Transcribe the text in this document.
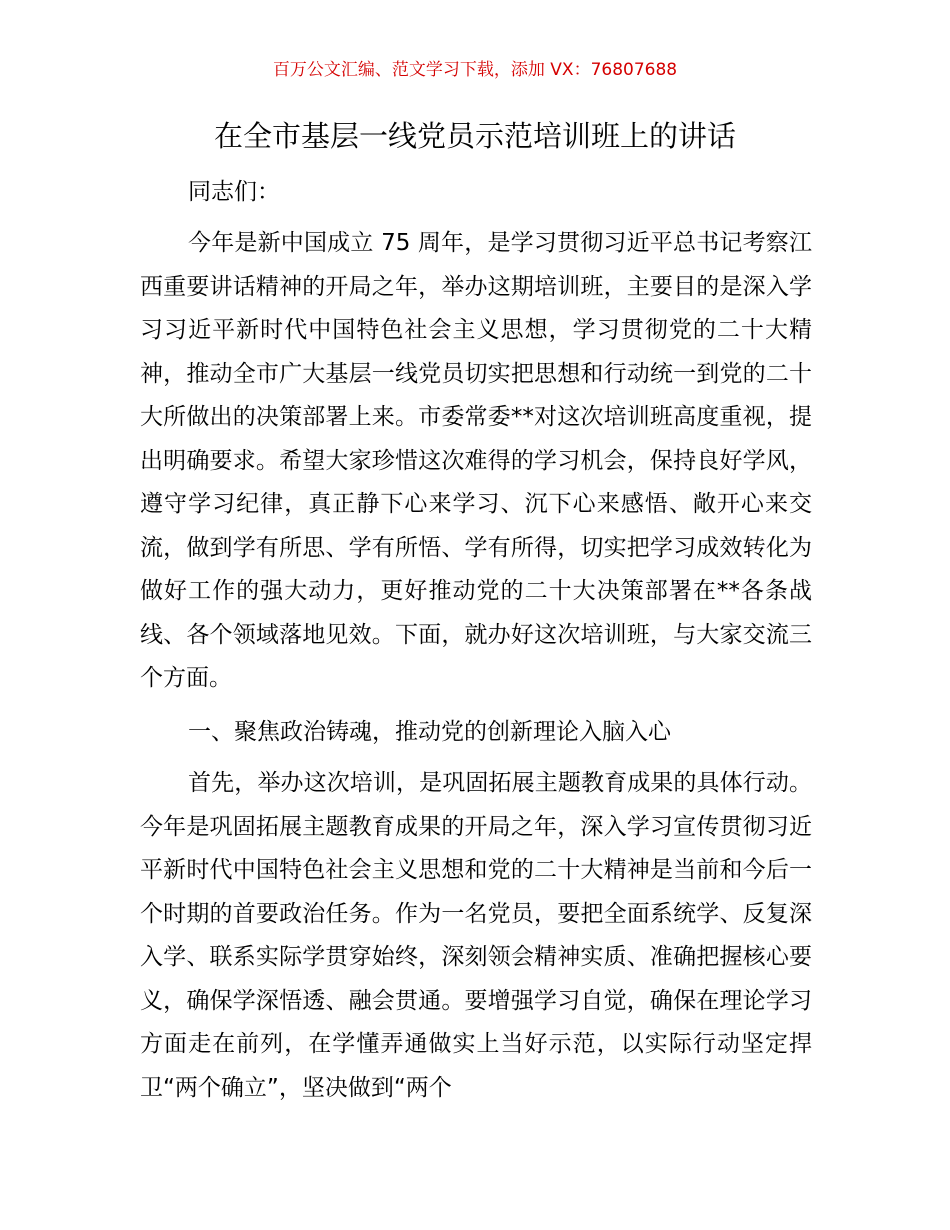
百万公文汇编、范文学习下载，添加 VX：76807688
在全市基层一线党员示范培训班上的讲话
同志们：

今年是新中国成立 75 周年，是学习贯彻习近平总书记考察江西重要讲话精神的开局之年，举办这期培训班，主要目的是深入学习习近平新时代中国特色社会主义思想，学习贯彻党的二十大精神，推动全市广大基层一线党员切实把思想和行动统一到党的二十大所做出的决策部署上来。市委常委**对这次培训班高度重视，提出明确要求。希望大家珍惜这次难得的学习机会，保持良好学风，遵守学习纪律，真正静下心来学习、沉下心来感悟、敞开心来交流，做到学有所思、学有所悟、学有所得，切实把学习成效转化为做好工作的强大动力，更好推动党的二十大决策部署在**各条战线、各个领域落地见效。下面，就办好这次培训班，与大家交流三个方面。

一、聚焦政治铸魂，推动党的创新理论入脑入心

首先，举办这次培训，是巩固拓展主题教育成果的具体行动。今年是巩固拓展主题教育成果的开局之年，深入学习宣传贯彻习近平新时代中国特色社会主义思想和党的二十大精神是当前和今后一个时期的首要政治任务。作为一名党员，要把全面系统学、反复深入学、联系实际学贯穿始终，深刻领会精神实质、准确把握核心要义，确保学深悟透、融会贯通。要增强学习自觉，确保在理论学习方面走在前列，在学懂弄通做实上当好示范，以实际行动坚定捍卫“两个确立”，坚决做到“两个
